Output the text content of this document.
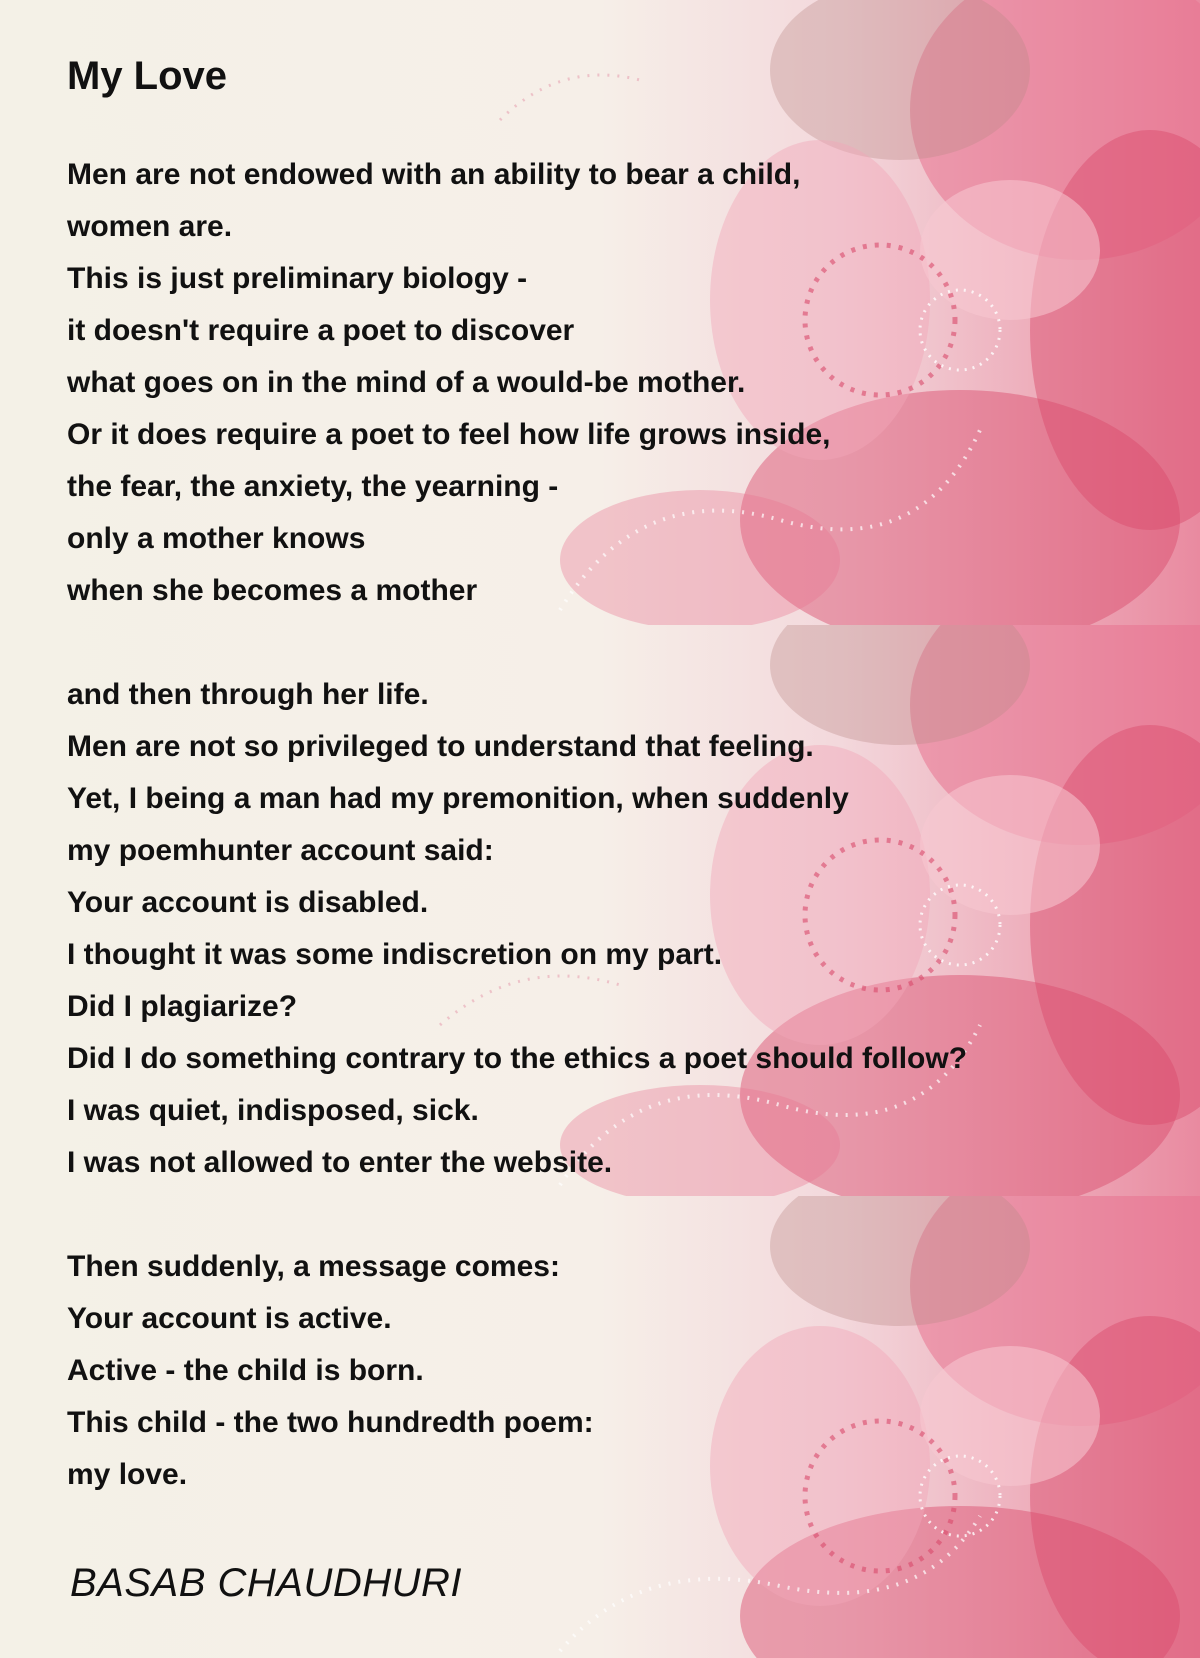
My Love
Men are not endowed with an ability to bear a child,
women are.
This is just preliminary biology -
it doesn't require a poet to discover
what goes on in the mind of a would-be mother.
Or it does require a poet to feel how life grows inside,
the fear, the anxiety, the yearning -
only a mother knows
when she becomes a mother
and then through her life.
Men are not so privileged to understand that feeling.
Yet, I being a man had my premonition, when suddenly
my poemhunter account said:
Your account is disabled.
I thought it was some indiscretion on my part.
Did I plagiarize?
Did I do something contrary to the ethics a poet should follow?
I was quiet, indisposed, sick.
I was not allowed to enter the website.
Then suddenly, a message comes:
Your account is active.
Active - the child is born.
This child - the two hundredth poem:
my love.
BASAB CHAUDHURI
